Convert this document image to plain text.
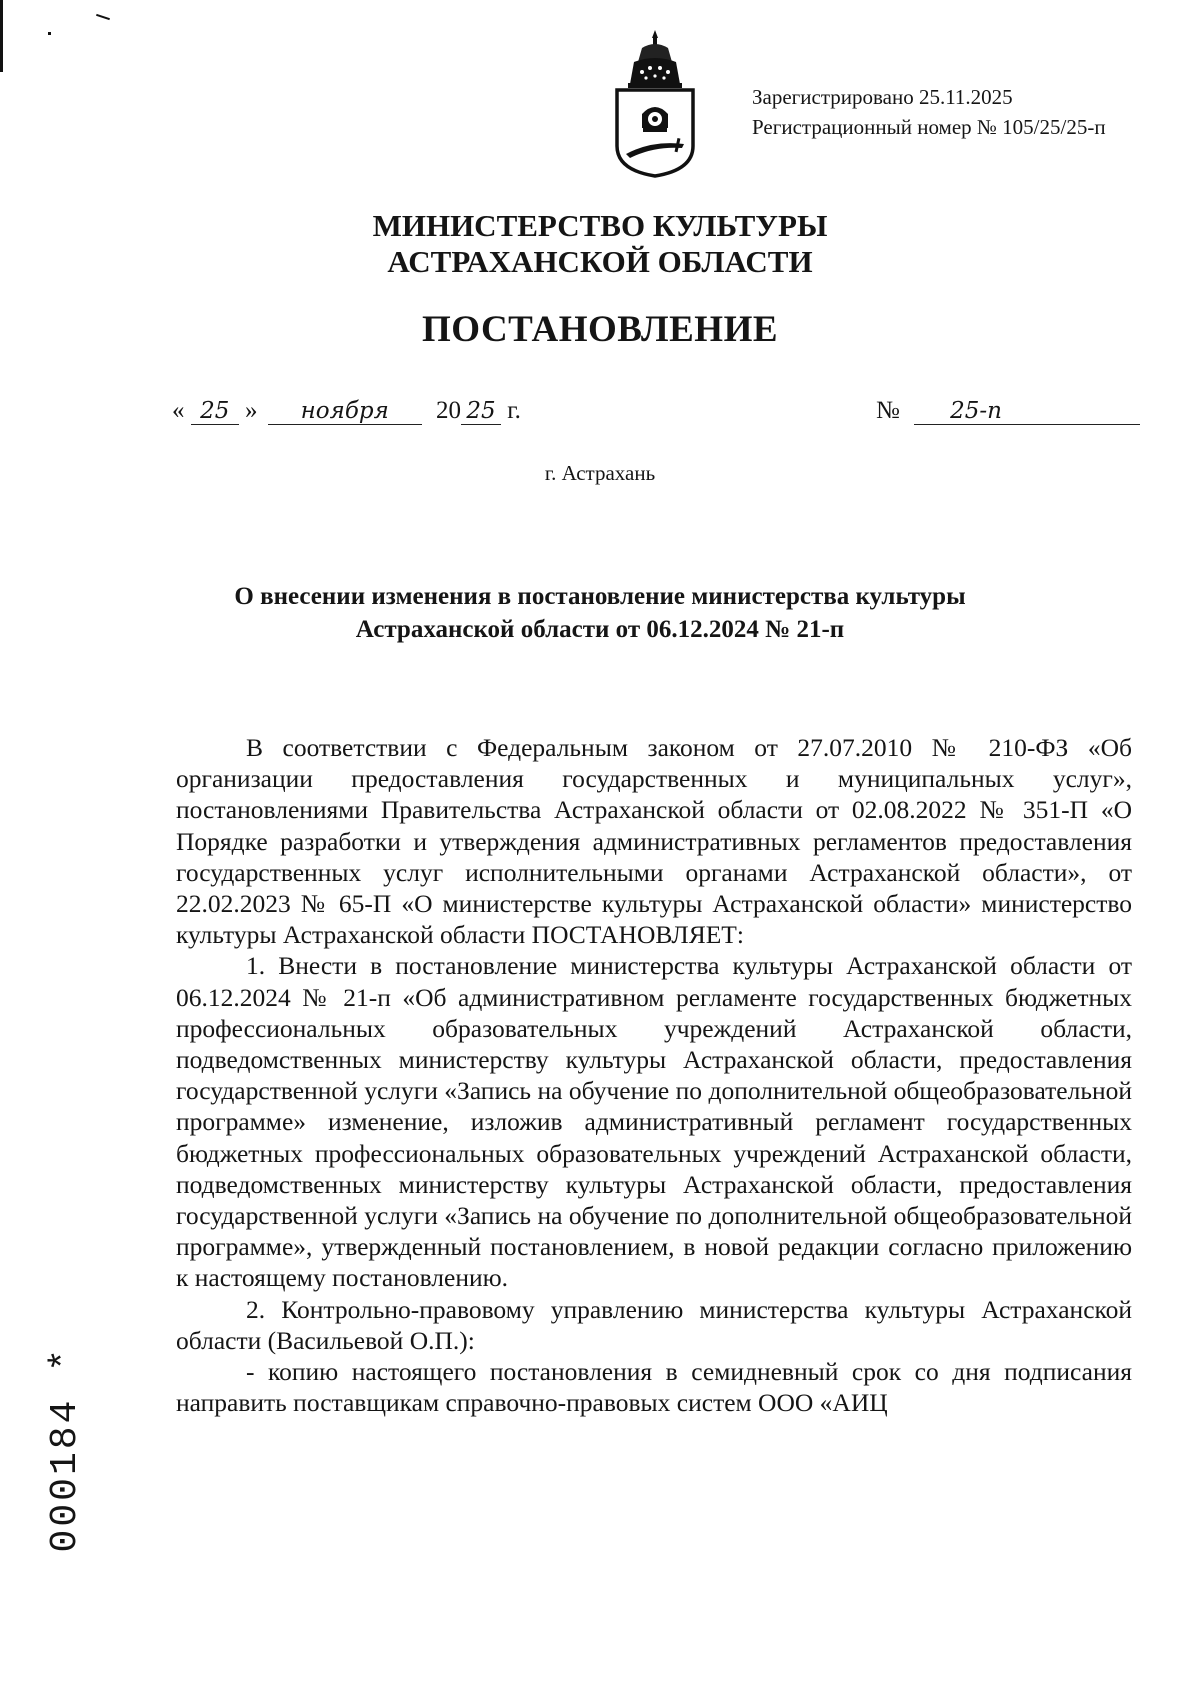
Зарегистрировано 25.11.2025
Регистрационный номер № 105/25/25-п
МИНИСТЕРСТВО КУЛЬТУРЫ
АСТРАХАНСКОЙ ОБЛАСТИ
ПОСТАНОВЛЕНИЕ
« 25 » ноября 20 25 г.	№ 25-п
г. Астрахань
О внесении изменения в постановление министерства культуры
Астраханской области от 06.12.2024 № 21-п

В соответствии с Федеральным законом от 27.07.2010 № 210-ФЗ «Об организации предоставления государственных и муниципальных услуг», постановлениями Правительства Астраханской области от 02.08.2022 № 351-П «О Порядке разработки и утверждения административных регламентов предоставления государственных услуг исполнительными органами Астраханской области», от 22.02.2023 № 65-П «О министерстве культуры Астраханской области» министерство культуры Астраханской области ПОСТАНОВЛЯЕТ:

1. Внести в постановление министерства культуры Астраханской области от 06.12.2024 № 21-п «Об административном регламенте государственных бюджетных профессиональных образовательных учреждений Астраханской области, подведомственных министерству культуры Астраханской области, предоставления государственной услуги «Запись на обучение по дополнительной общеобразовательной программе» изменение, изложив административный регламент государственных бюджетных профессиональных образовательных учреждений Астраханской области, подведомственных министерству культуры Астраханской области, предоставления государственной услуги «Запись на обучение по дополнительной общеобразовательной программе», утвержденный постановлением, в новой редакции согласно приложению к настоящему постановлению.

2. Контрольно-правовому управлению министерства культуры Астраханской области (Васильевой О.П.):

- копию настоящего постановления в семидневный срок со дня подписания направить поставщикам справочно-правовых систем ООО «АИЦ

000184 *
